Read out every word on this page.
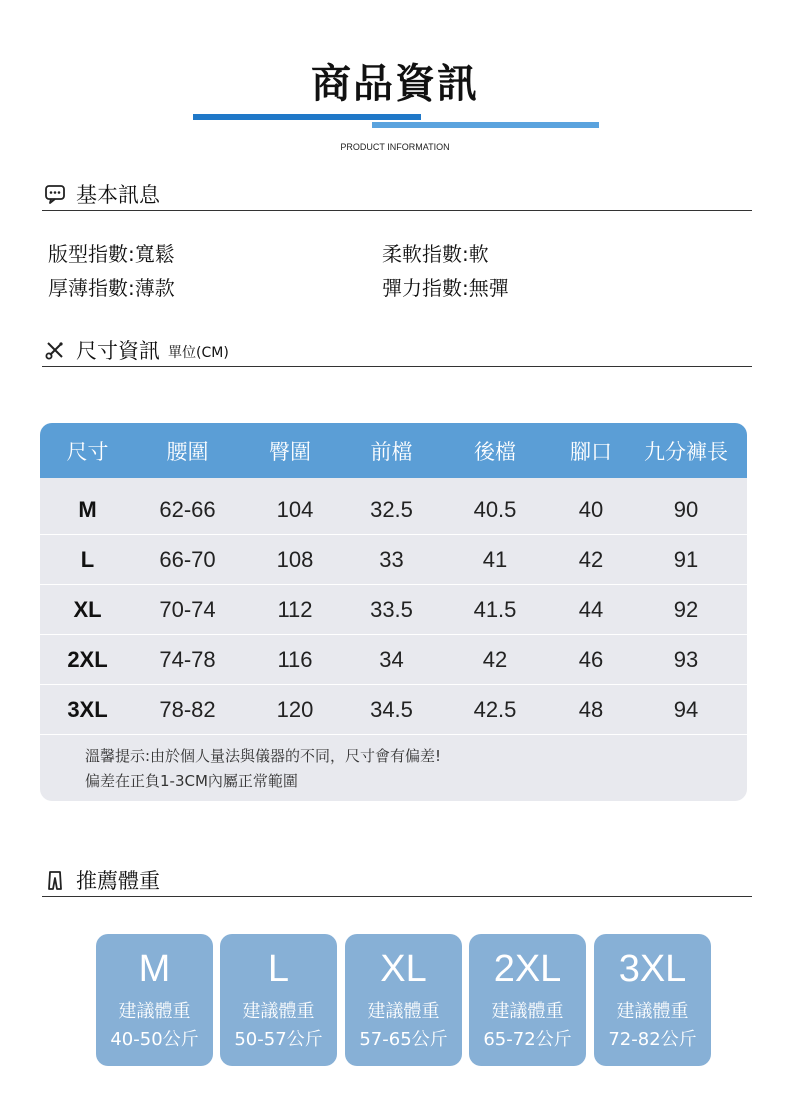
商品資訊
PRODUCT INFORMATION
基本訊息
版型指數:寬鬆	柔軟指數:軟
厚薄指數:薄款	彈力指數:無彈
尺寸資訊 單位(CM)
尺寸	腰圍	臀圍	前檔	後檔	腳口	九分褲長
M	62-66	104	32.5	40.5	40	90
L	66-70	108	33	41	42	91
XL	70-74	112	33.5	41.5	44	92
2XL	74-78	116	34	42	46	93
3XL	78-82	120	34.5	42.5	48	94
溫馨提示:由於個人量法與儀器的不同，尺寸會有偏差!
偏差在正負1-3CM內屬正常範圍
推薦體重
M
建議體重
40-50公斤
L
建議體重
50-57公斤
XL
建議體重
57-65公斤
2XL
建議體重
65-72公斤
3XL
建議體重
72-82公斤
